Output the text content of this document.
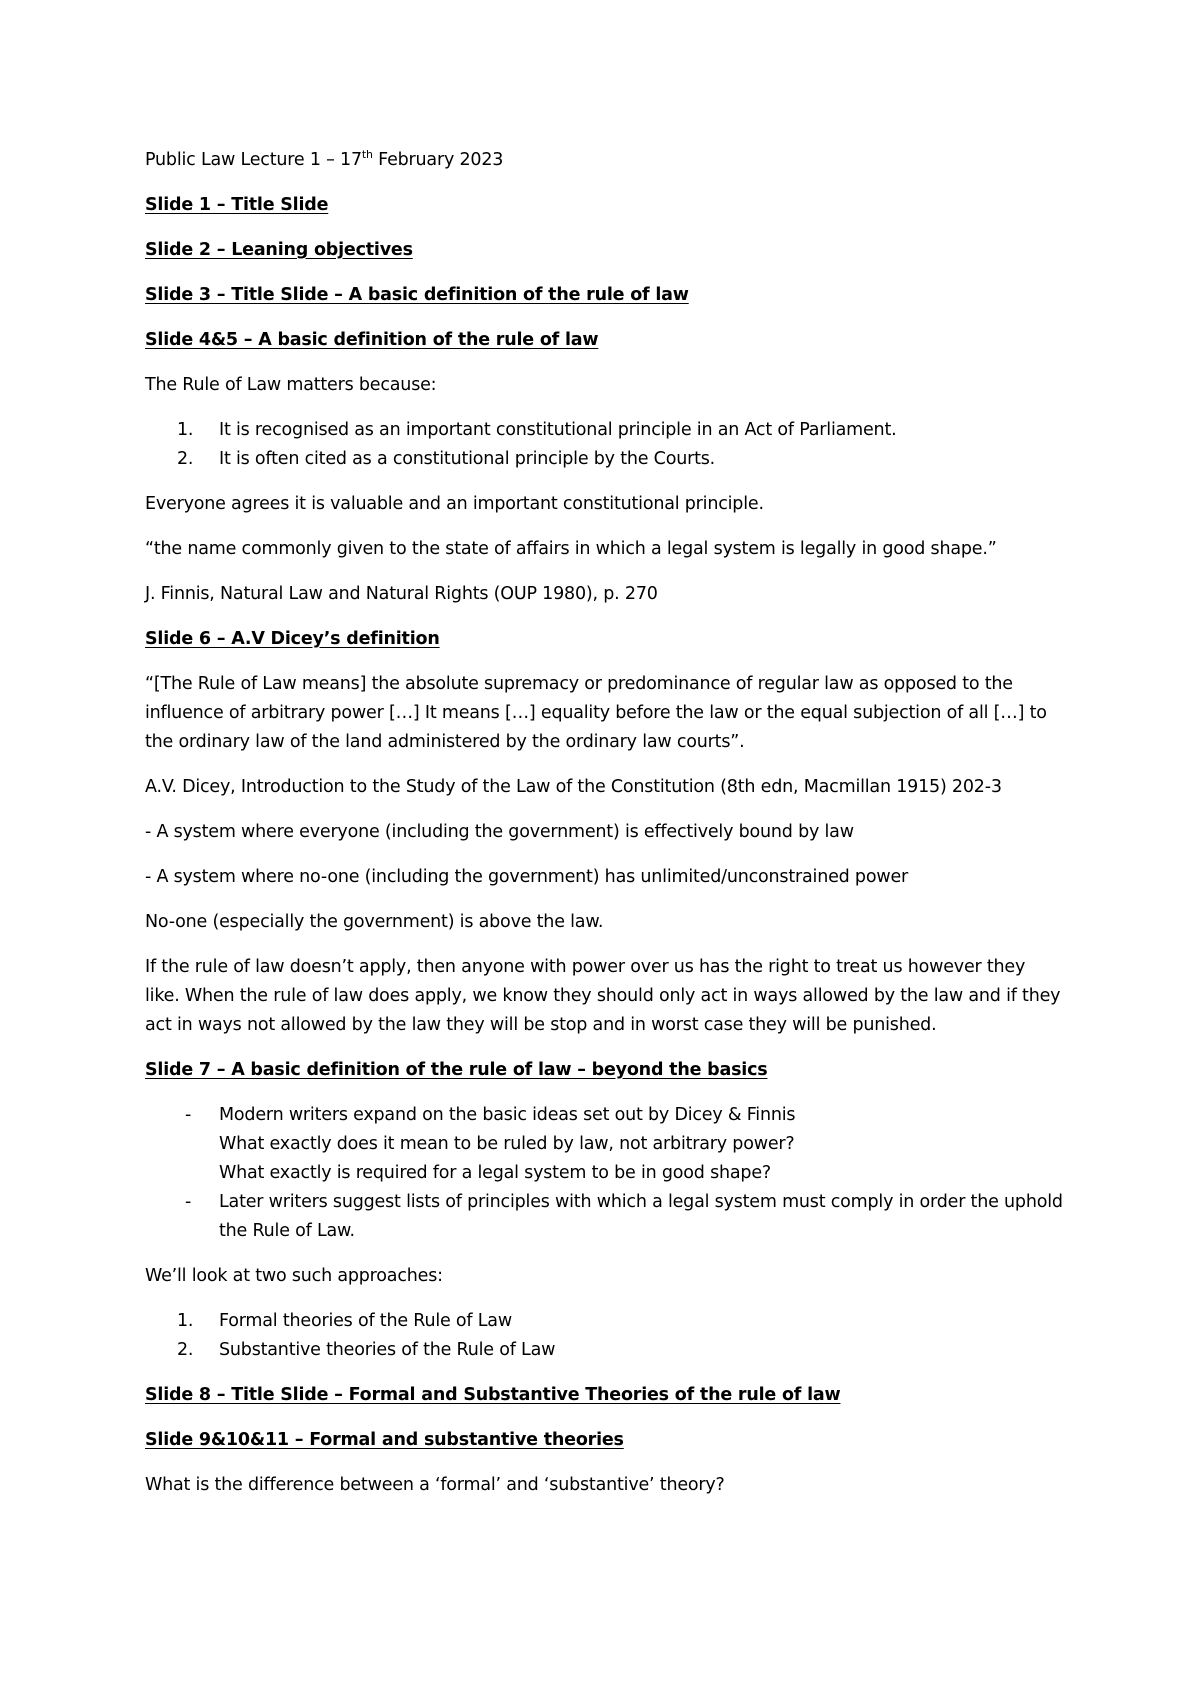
Public Law Lecture 1 – 17th February 2023

Slide 1 – Title Slide

Slide 2 – Leaning objectives

Slide 3 – Title Slide – A basic definition of the rule of law

Slide 4&5 – A basic definition of the rule of law

The Rule of Law matters because:

1. It is recognised as an important constitutional principle in an Act of Parliament.
2. It is often cited as a constitutional principle by the Courts.

Everyone agrees it is valuable and an important constitutional principle.

“the name commonly given to the state of affairs in which a legal system is legally in good shape.”

J. Finnis, Natural Law and Natural Rights (OUP 1980), p. 270

Slide 6 – A.V Dicey’s definition

“[The Rule of Law means] the absolute supremacy or predominance of regular law as opposed to the influence of arbitrary power […] It means […] equality before the law or the equal subjection of all […] to the ordinary law of the land administered by the ordinary law courts”.

A.V. Dicey, Introduction to the Study of the Law of the Constitution (8th edn, Macmillan 1915) 202-3

- A system where everyone (including the government) is effectively bound by law

- A system where no-one (including the government) has unlimited/unconstrained power

No-one (especially the government) is above the law.

If the rule of law doesn’t apply, then anyone with power over us has the right to treat us however they like. When the rule of law does apply, we know they should only act in ways allowed by the law and if they act in ways not allowed by the law they will be stop and in worst case they will be punished.

Slide 7 – A basic definition of the rule of law – beyond the basics

- Modern writers expand on the basic ideas set out by Dicey & Finnis
What exactly does it mean to be ruled by law, not arbitrary power?
What exactly is required for a legal system to be in good shape?
- Later writers suggest lists of principles with which a legal system must comply in order the uphold the Rule of Law.

We’ll look at two such approaches:

1. Formal theories of the Rule of Law
2. Substantive theories of the Rule of Law

Slide 8 – Title Slide – Formal and Substantive Theories of the rule of law

Slide 9&10&11 – Formal and substantive theories

What is the difference between a ‘formal’ and ‘substantive’ theory?
